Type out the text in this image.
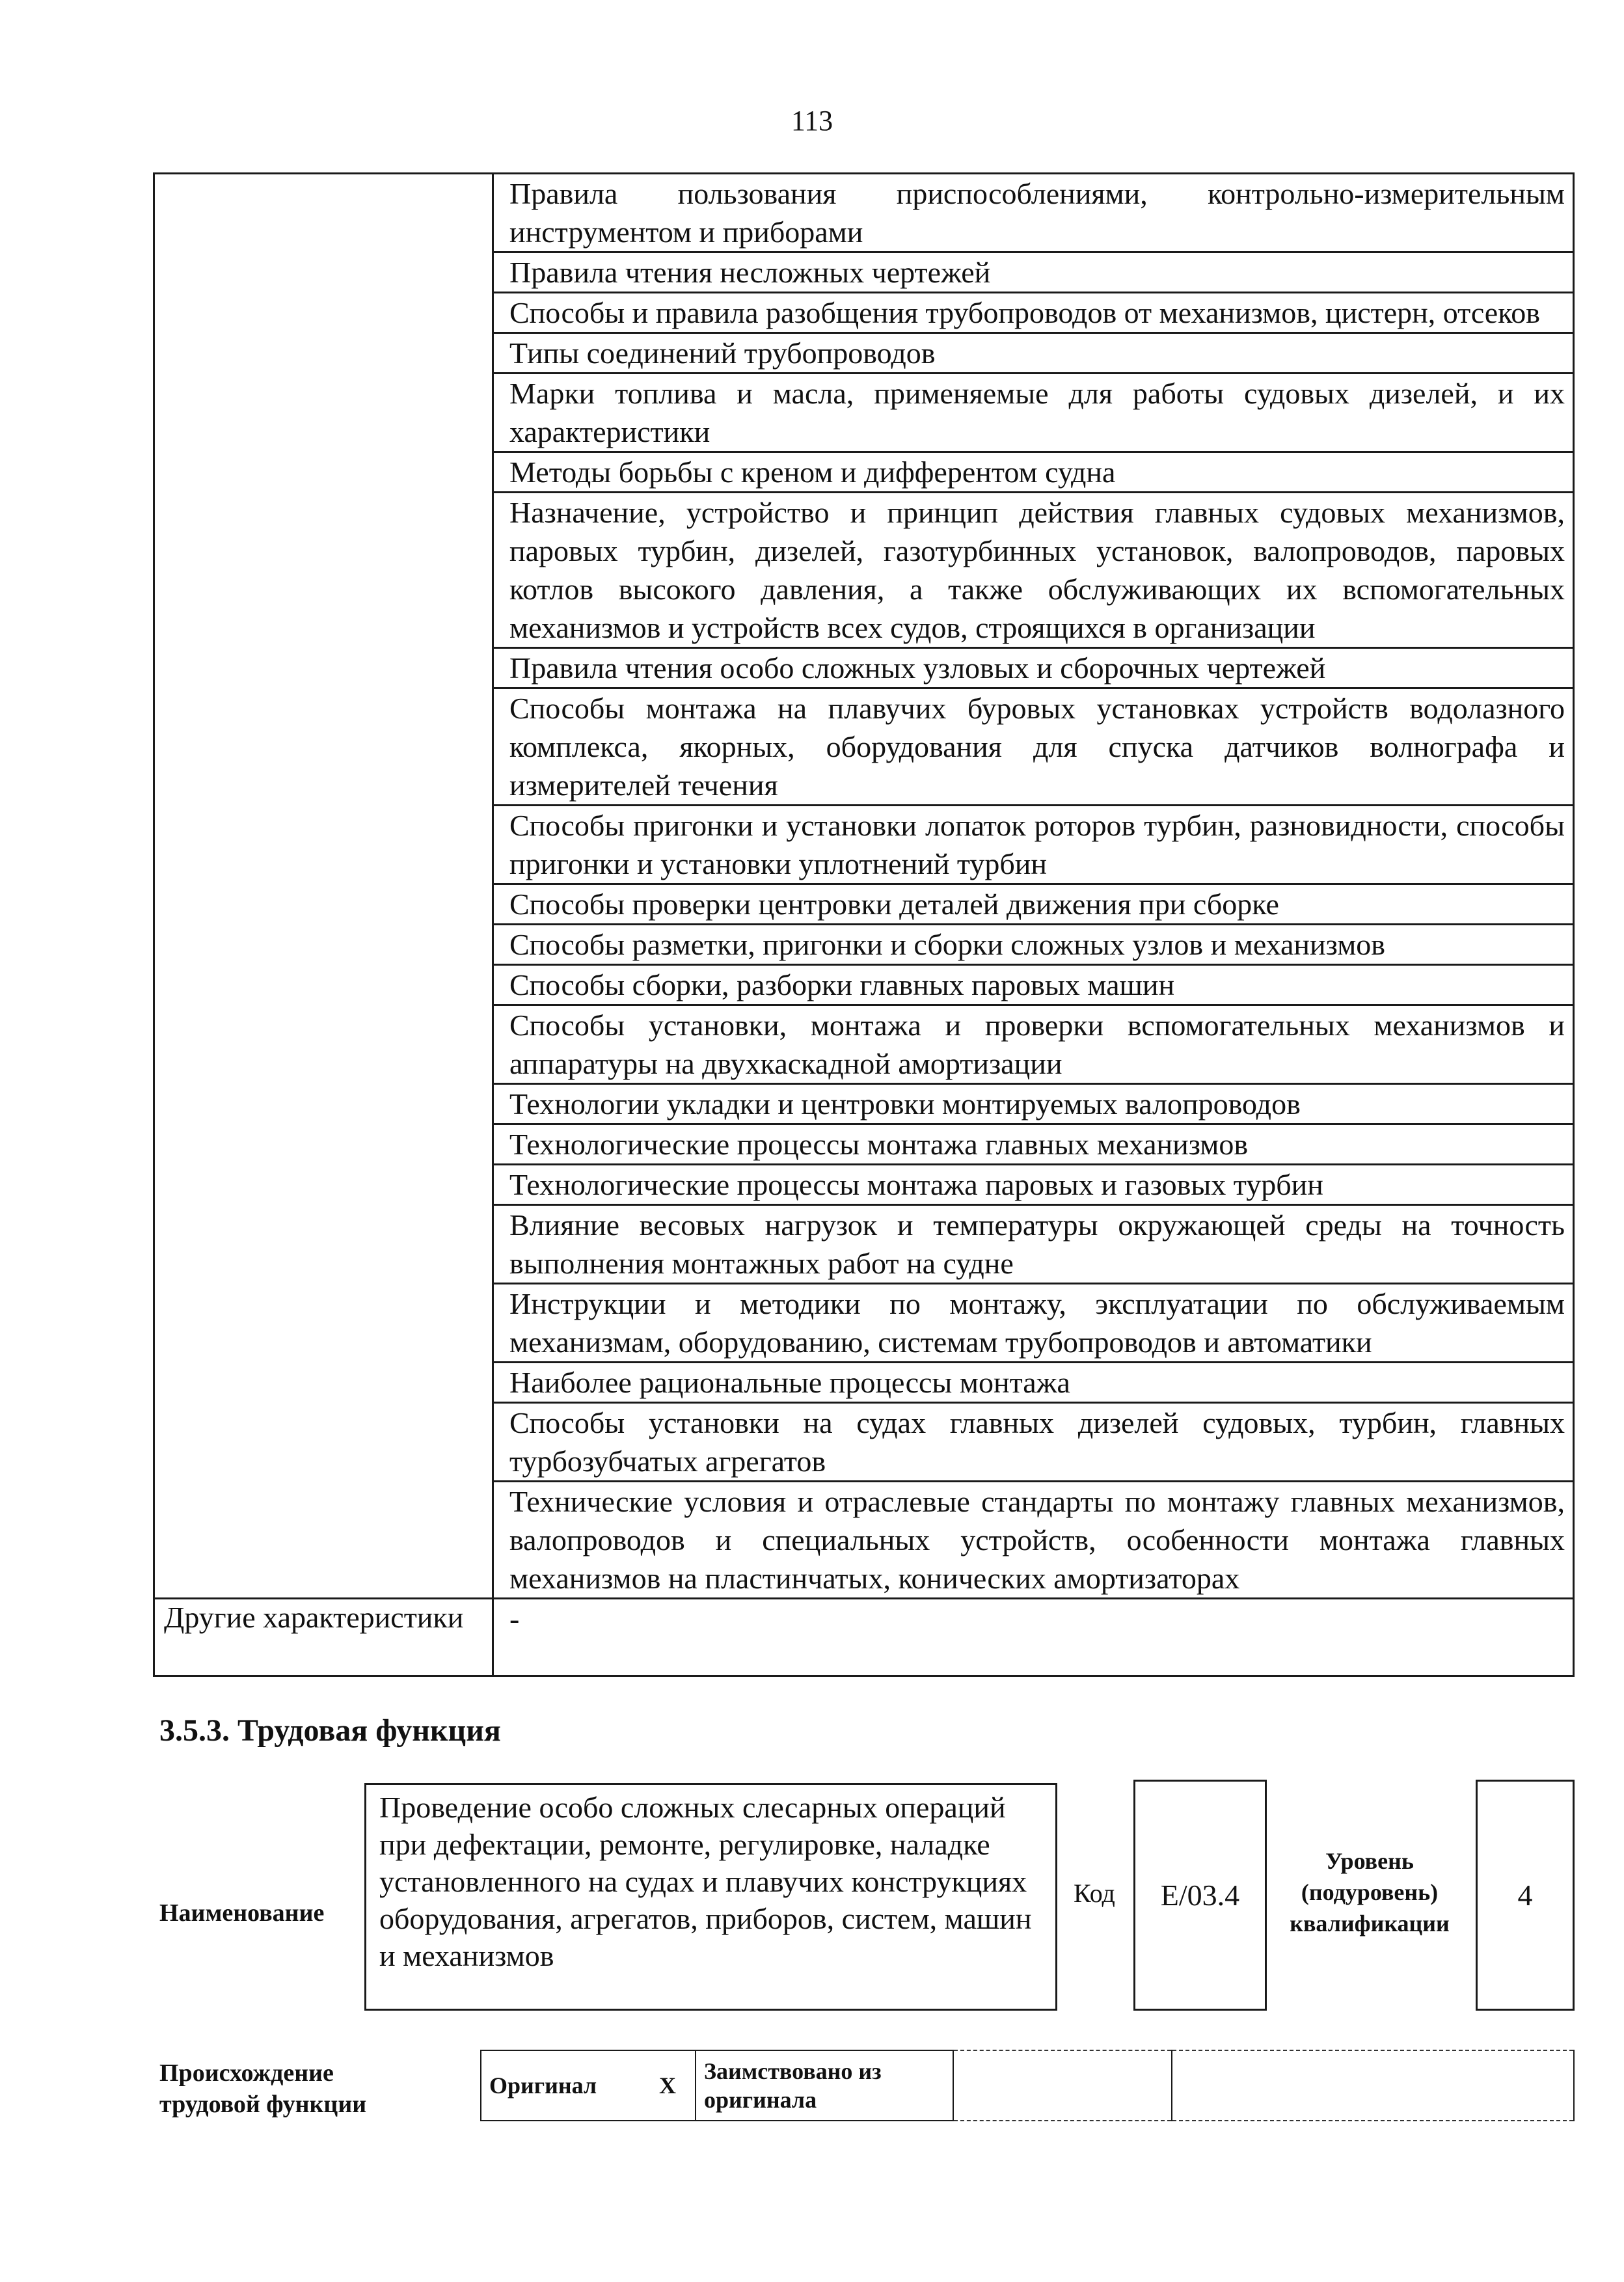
113
	Правила пользования приспособлениями, контрольно-измерительным инструментом и приборами
	Правила чтения несложных чертежей
	Способы и правила разобщения трубопроводов от механизмов, цистерн, отсеков
	Типы соединений трубопроводов
	Марки топлива и масла, применяемые для работы судовых дизелей, и их характеристики
	Методы борьбы с креном и дифферентом судна
	Назначение, устройство и принцип действия главных судовых механизмов, паровых турбин, дизелей, газотурбинных установок, валопроводов, паровых котлов высокого давления, а также обслуживающих их вспомогательных механизмов и устройств всех судов, строящихся в организации
	Правила чтения особо сложных узловых и сборочных чертежей
	Способы монтажа на плавучих буровых установках устройств водолазного комплекса, якорных, оборудования для спуска датчиков волнографа и измерителей течения
	Способы пригонки и установки лопаток роторов турбин, разновидности, способы пригонки и установки уплотнений турбин
	Способы проверки центровки деталей движения при сборке
	Способы разметки, пригонки и сборки сложных узлов и механизмов
	Способы сборки, разборки главных паровых машин
	Способы установки, монтажа и проверки вспомогательных механизмов и аппаратуры на двухкаскадной амортизации
	Технологии укладки и центровки монтируемых валопроводов
	Технологические процессы монтажа главных механизмов
	Технологические процессы монтажа паровых и газовых турбин
	Влияние весовых нагрузок и температуры окружающей среды на точность выполнения монтажных работ на судне
	Инструкции и методики по монтажу, эксплуатации по обслуживаемым механизмам, оборудованию, системам трубопроводов и автоматики
	Наиболее рациональные процессы монтажа
	Способы установки на судах главных дизелей судовых, турбин, главных турбозубчатых агрегатов
	Технические условия и отраслевые стандарты по монтажу главных механизмов, валопроводов и специальных устройств, особенности монтажа главных механизмов на пластинчатых, конических амортизаторах
Другие характеристики	-
3.5.3. Трудовая функция
Наименование
Проведение особо сложных слесарных операций при дефектации, ремонте, регулировке, наладке установленного на судах и плавучих конструкциях оборудования, агрегатов, приборов, систем, машин и механизмов
Код E/03.4
Уровень (подуровень) квалификации
4
Происхождение трудовой функции
Оригинал	X	Заимствовано из оригинала		
